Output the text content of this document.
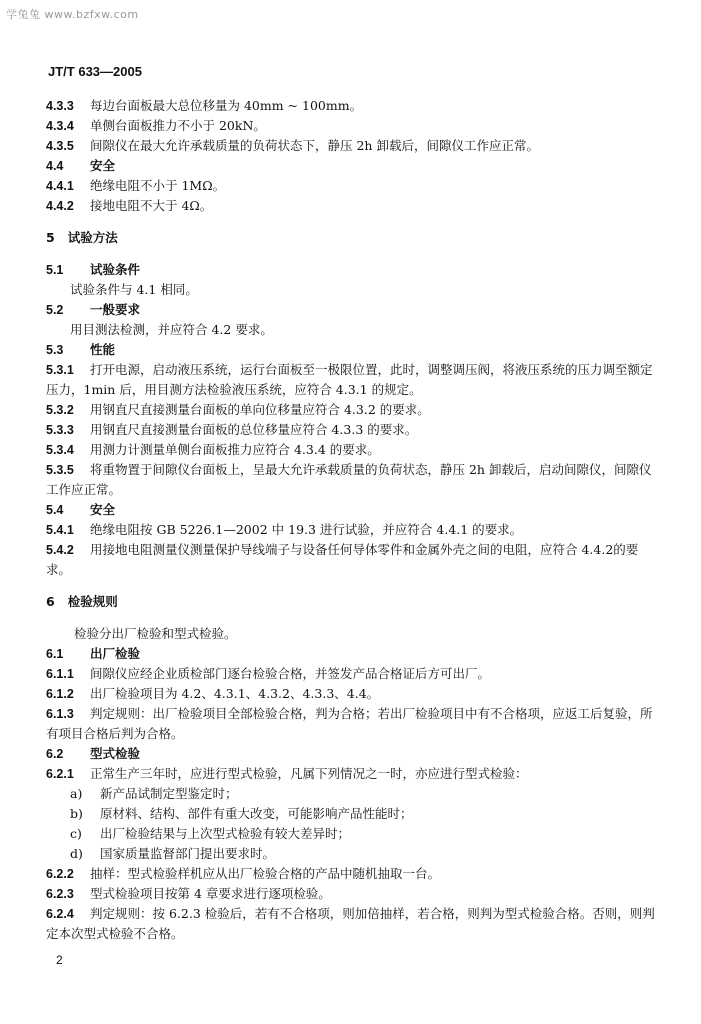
学兔兔 www.bzfxw.com
JT/T 633—2005
4.3.3 每边台面板最大总位移量为 40mm ~ 100mm。
4.3.4 单侧台面板推力不小于 20kN。
4.3.5 间隙仪在最大允许承载质量的负荷状态下，静压 2h 卸载后，间隙仪工作应正常。
4.4 安全
4.4.1 绝缘电阻不小于 1MΩ。
4.4.2 接地电阻不大于 4Ω。
5 试验方法
5.1 试验条件
试验条件与 4.1 相同。
5.2 一般要求
用目测法检测，并应符合 4.2 要求。
5.3 性能
5.3.1 打开电源，启动液压系统，运行台面板至一极限位置，此时，调整调压阀，将液压系统的压力调至额定压力，1min 后，用目测方法检验液压系统，应符合 4.3.1 的规定。
5.3.2 用钢直尺直接测量台面板的单向位移量应符合 4.3.2 的要求。
5.3.3 用钢直尺直接测量台面板的总位移量应符合 4.3.3 的要求。
5.3.4 用测力计测量单侧台面板推力应符合 4.3.4 的要求。
5.3.5 将重物置于间隙仪台面板上，呈最大允许承载质量的负荷状态，静压 2h 卸载后，启动间隙仪，间隙仪工作应正常。
5.4 安全
5.4.1 绝缘电阻按 GB 5226.1—2002 中 19.3 进行试验，并应符合 4.4.1 的要求。
5.4.2 用接地电阻测量仪测量保护导线端子与设备任何导体零件和金属外壳之间的电阻，应符合 4.4.2的要求。
6 检验规则
检验分出厂检验和型式检验。
6.1 出厂检验
6.1.1 间隙仪应经企业质检部门逐台检验合格，并签发产品合格证后方可出厂。
6.1.2 出厂检验项目为 4.2、4.3.1、4.3.2、4.3.3、4.4。
6.1.3 判定规则：出厂检验项目全部检验合格，判为合格；若出厂检验项目中有不合格项，应返工后复验，所有项目合格后判为合格。
6.2 型式检验
6.2.1 正常生产三年时，应进行型式检验，凡属下列情况之一时，亦应进行型式检验：
a) 新产品试制定型鉴定时；
b) 原材料、结构、部件有重大改变，可能影响产品性能时；
c) 出厂检验结果与上次型式检验有较大差异时；
d) 国家质量监督部门提出要求时。
6.2.2 抽样：型式检验样机应从出厂检验合格的产品中随机抽取一台。
6.2.3 型式检验项目按第 4 章要求进行逐项检验。
6.2.4 判定规则：按 6.2.3 检验后，若有不合格项，则加倍抽样，若合格，则判为型式检验合格。否则，则判定本次型式检验不合格。
2
